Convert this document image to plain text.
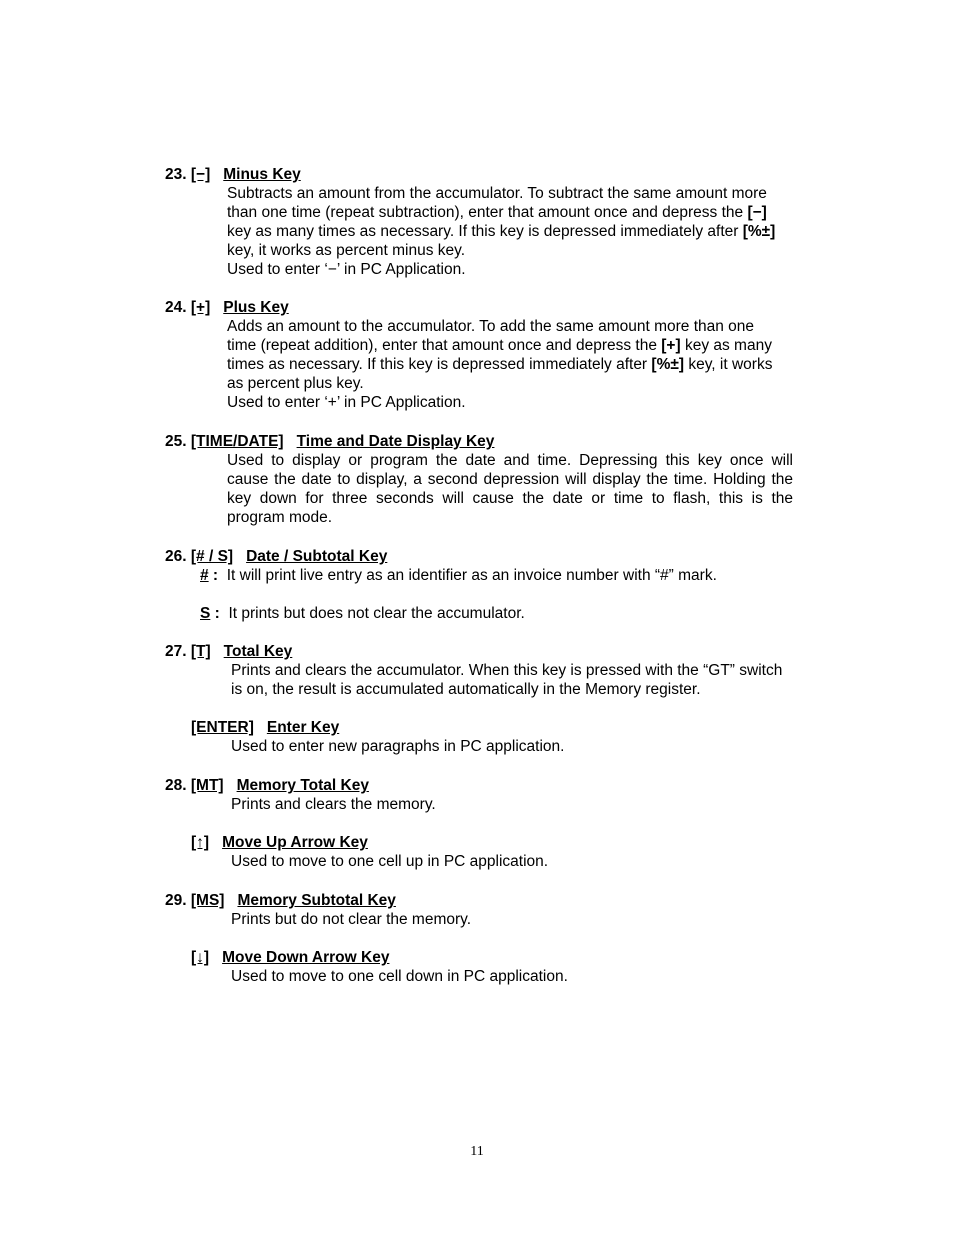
23. [−] Minus Key
Subtracts an amount from the accumulator. To subtract the same amount more
than one time (repeat subtraction), enter that amount once and depress the [−]
key as many times as necessary. If this key is depressed immediately after [%±]
key, it works as percent minus key.
Used to enter ‘−’ in PC Application.
24. [+] Plus Key
Adds an amount to the accumulator. To add the same amount more than one
time (repeat addition), enter that amount once and depress the [+] key as many
times as necessary. If this key is depressed immediately after [%±] key, it works
as percent plus key.
Used to enter ‘+’ in PC Application.
25. [TIME/DATE] Time and Date Display Key
Used to display or program the date and time. Depressing this key once will
cause the date to display, a second depression will display the time. Holding the
key down for three seconds will cause the date or time to flash, this is the
program mode.
26. [# / S] Date / Subtotal Key
# : It will print live entry as an identifier as an invoice number with “#” mark.
S : It prints but does not clear the accumulator.
27. [T] Total Key
Prints and clears the accumulator. When this key is pressed with the “GT” switch
is on, the result is accumulated automatically in the Memory register.
[ENTER] Enter Key
Used to enter new paragraphs in PC application.
28. [MT] Memory Total Key
Prints and clears the memory.
[↑] Move Up Arrow Key
Used to move to one cell up in PC application.
29. [MS] Memory Subtotal Key
Prints but do not clear the memory.
[↓] Move Down Arrow Key
Used to move to one cell down in PC application.
11
